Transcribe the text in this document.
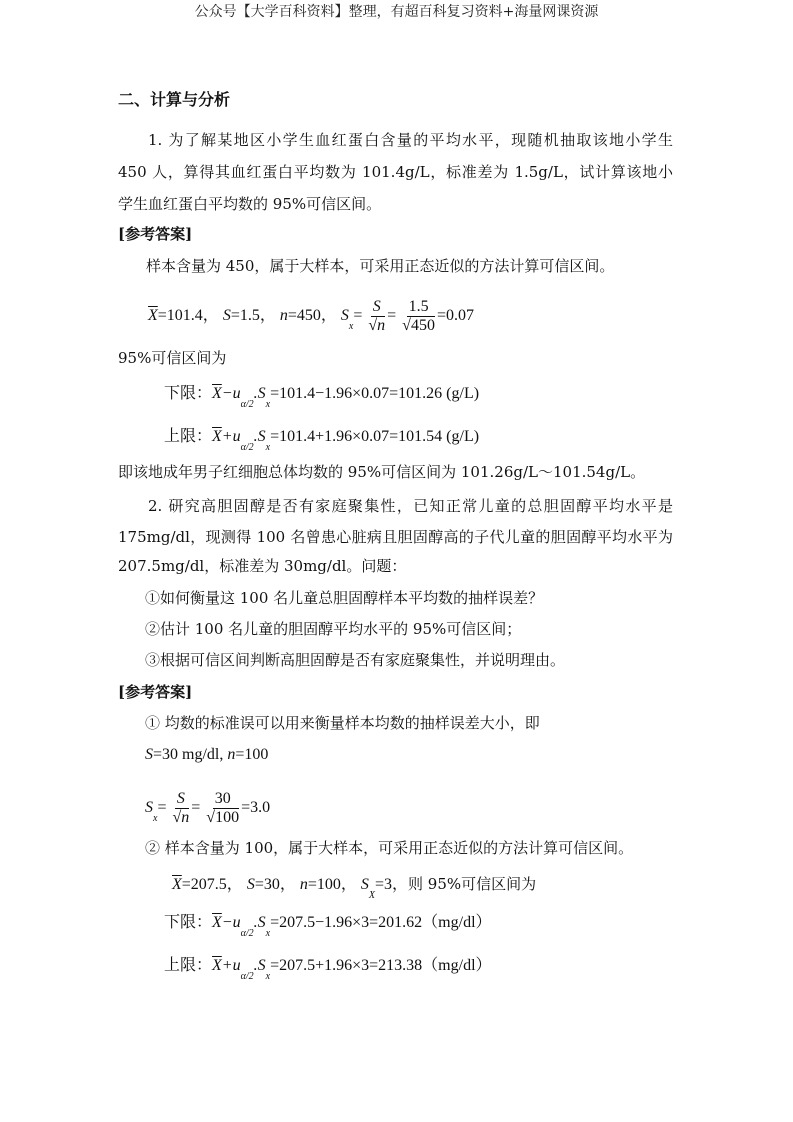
公众号【大学百科资料】整理，有超百科复习资料+海量网课资源
二、计算与分析
1. 为了解某地区小学生血红蛋白含量的平均水平，现随机抽取该地小学生
450 人，算得其血红蛋白平均数为 101.4g/L，标准差为 1.5g/L，试计算该地小
学生血红蛋白平均数的 95%可信区间。
[参考答案]
样本含量为 450，属于大样本，可采用正态近似的方法计算可信区间。
$\overline{X}=101.4$， S=1.5， n=450， $S_x= \frac{S}{√n} = \frac{1.5}{√450} =0.07$
95%可信区间为
下限：$\overline{X}-u_{\alpha/2}.S_x=101.4-1.96\times 0.07=101.26$ (g/L)
上限：$\overline{X}+u_{\alpha/2}.S_x=101.4+1.96\times 0.07=101.54$ (g/L)
即该地成年男子红细胞总体均数的 95%可信区间为 101.26g/L～101.54g/L。
2. 研究高胆固醇是否有家庭聚集性，已知正常儿童的总胆固醇平均水平是
175mg/dl，现测得 100 名曾患心脏病且胆固醇高的子代儿童的胆固醇平均水平为
207.5mg/dl，标准差为 30mg/dl。问题：
①如何衡量这 100 名儿童总胆固醇样本平均数的抽样误差？
②估计 100 名儿童的胆固醇平均水平的 95%可信区间；
③根据可信区间判断高胆固醇是否有家庭聚集性，并说明理由。
[参考答案]
① 均数的标准误可以用来衡量样本均数的抽样误差大小，即
S=30 mg/dl, n=100
$S_x= \frac{S}{√n} = \frac{30}{√100} =3.0$
② 样本含量为 100，属于大样本，可采用正态近似的方法计算可信区间。
$\overline{X}=207.5$， S=30， n=100， $S_X=3$，则 95%可信区间为
下限：$\overline{X}-u_{\alpha/2}.S_x=207.5-1.96\times 3=201.62(mg/dl)$
上限：$\overline{X}+u_{\alpha/2}.S_x=207.5+1.96\times 3=213.38(mg/dl)$
